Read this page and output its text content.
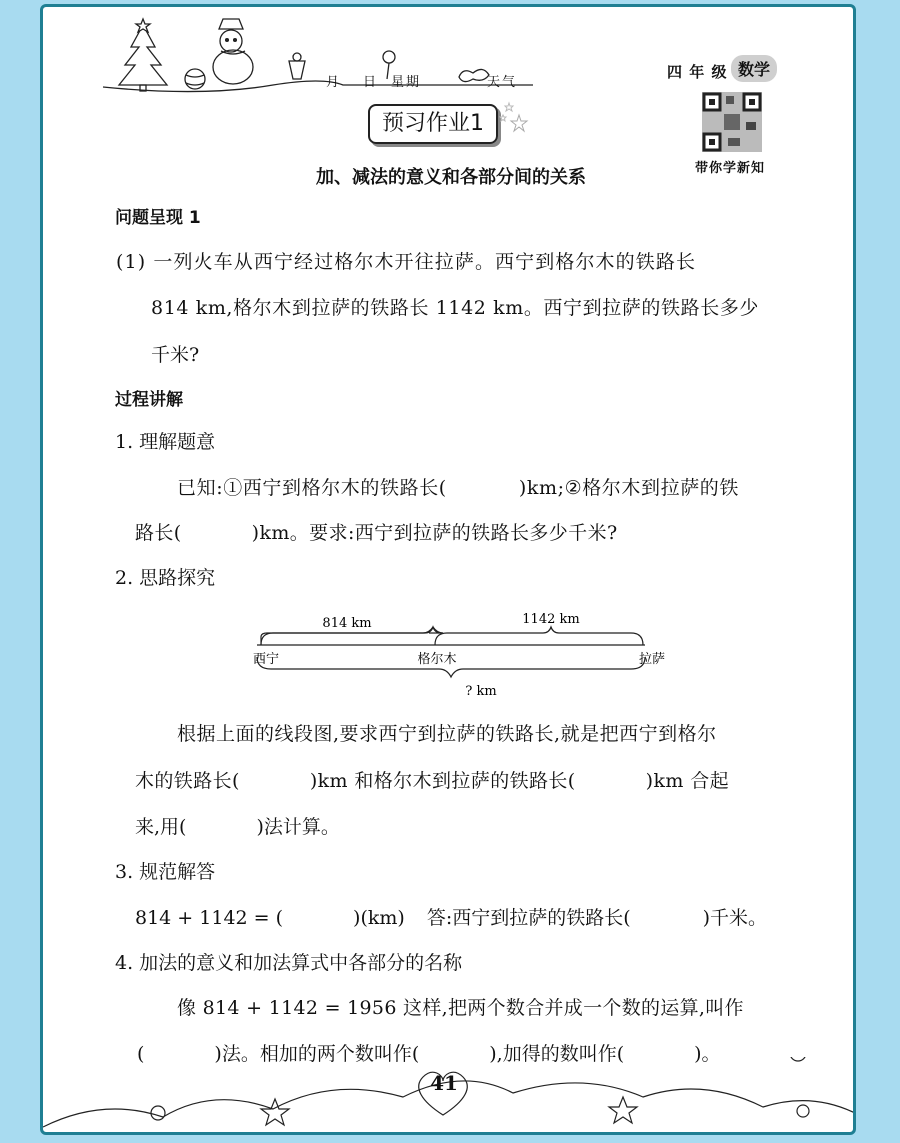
月 日 星期	天气
四 年 级 数学
带你学新知
预习作业1
加、减法的意义和各部分间的关系
问题呈现 1
(1) 一列火车从西宁经过格尔木开往拉萨。西宁到格尔木的铁路长
814 km,格尔木到拉萨的铁路长 1142 km。西宁到拉萨的铁路长多少
千米?
过程讲解
1. 理解题意
已知:①西宁到格尔木的铁路长(	)km;②格尔木到拉萨的铁
路长(	)km。要求:西宁到拉萨的铁路长多少千米?
2. 思路探究
814 km	1142 km
西宁	格尔木	拉萨
? km
根据上面的线段图,要求西宁到拉萨的铁路长,就是把西宁到格尔
木的铁路长(	)km 和格尔木到拉萨的铁路长(	)km 合起
来,用(	)法计算。
3. 规范解答
814 + 1142 = (	)(km) 答:西宁到拉萨的铁路长(	)千米。
4. 加法的意义和加法算式中各部分的名称
像 814 + 1142 = 1956 这样,把两个数合并成一个数的运算,叫作
(	)法。相加的两个数叫作(	),加得的数叫作(	)。
41
